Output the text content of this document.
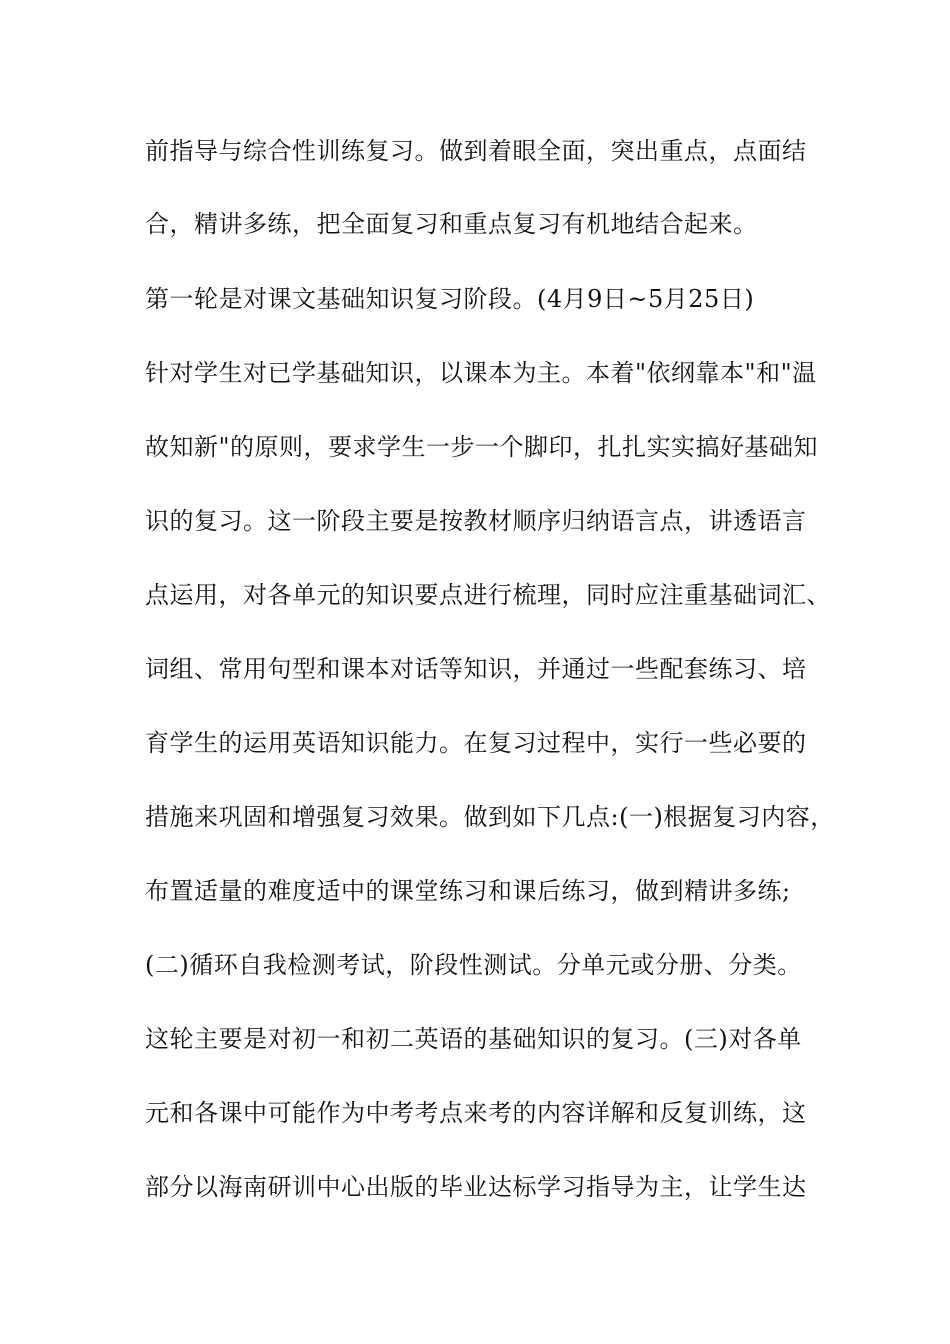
前指导与综合性训练复习。做到着眼全面，突出重点，点面结
合，精讲多练，把全面复习和重点复习有机地结合起来。
第一轮是对课文基础知识复习阶段。(4月9日~5月25日)
针对学生对已学基础知识，以课本为主。本着"依纲靠本"和"温
故知新"的原则，要求学生一步一个脚印，扎扎实实搞好基础知
识的复习。这一阶段主要是按教材顺序归纳语言点，讲透语言
点运用，对各单元的知识要点进行梳理，同时应注重基础词汇、
词组、常用句型和课本对话等知识，并通过一些配套练习、培
育学生的运用英语知识能力。在复习过程中，实行一些必要的
措施来巩固和增强复习效果。做到如下几点:(一)根据复习内容，
布置适量的难度适中的课堂练习和课后练习，做到精讲多练;
(二)循环自我检测考试，阶段性测试。分单元或分册、分类。
这轮主要是对初一和初二英语的基础知识的复习。(三)对各单
元和各课中可能作为中考考点来考的内容详解和反复训练，这
部分以海南研训中心出版的毕业达标学习指导为主，让学生达
